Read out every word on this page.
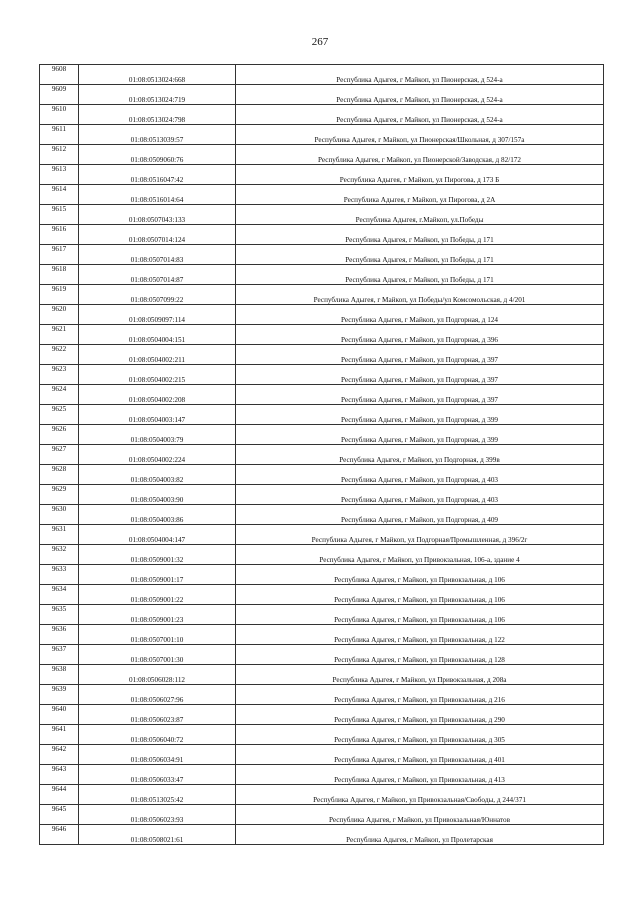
267
9608	01:08:0513024:668	Республика Адыгея, г Майкоп, ул Пионерская, д 524-а
9609	01:08:0513024:719	Республика Адыгея, г Майкоп, ул Пионерская, д 524-а
9610	01:08:0513024:798	Республика Адыгея, г Майкоп, ул Пионерская, д 524-а
9611	01:08:0513039:57	Республика Адыгея, г Майкоп, ул Пионерская/Школьная, д 307/157а
9612	01:08:0509060:76	Республика Адыгея, г Майкоп, ул Пионерской/Заводская, д 82/172
9613	01:08:0516047:42	Республика Адыгея, г Майкоп, ул Пирогова, д 173 Б
9614	01:08:0516014:64	Республика Адыгея, г Майкоп, ул Пирогова, д 2А
9615	01:08:0507043:133	Республика Адыгея, г.Майкоп, ул.Победы
9616	01:08:0507014:124	Республика Адыгея, г Майкоп, ул Победы, д 171
9617	01:08:0507014:83	Республика Адыгея, г Майкоп, ул Победы, д 171
9618	01:08:0507014:87	Республика Адыгея, г Майкоп, ул Победы, д 171
9619	01:08:0507099:22	Республика Адыгея, г Майкоп, ул Победы/ул Комсомольская, д 4/201
9620	01:08:0509097:114	Республика Адыгея, г Майкоп, ул Подгорная, д 124
9621	01:08:0504004:151	Республика Адыгея, г Майкоп, ул Подгорная, д 396
9622	01:08:0504002:211	Республика Адыгея, г Майкоп, ул Подгорная, д 397
9623	01:08:0504002:215	Республика Адыгея, г Майкоп, ул Подгорная, д 397
9624	01:08:0504002:208	Республика Адыгея, г Майкоп, ул Подгорная, д 397
9625	01:08:0504003:147	Республика Адыгея, г Майкоп, ул Подгорная, д 399
9626	01:08:0504003:79	Республика Адыгея, г Майкоп, ул Подгорная, д 399
9627	01:08:0504002:224	Республика Адыгея, г Майкоп, ул Подгорная, д 399в
9628	01:08:0504003:82	Республика Адыгея, г Майкоп, ул Подгорная, д 403
9629	01:08:0504003:90	Республика Адыгея, г Майкоп, ул Подгорная, д 403
9630	01:08:0504003:86	Республика Адыгея, г Майкоп, ул Подгорная, д 409
9631	01:08:0504004:147	Республика Адыгея, г Майкоп, ул Подгорная/Промышленная, д 396/2г
9632	01:08:0509001:32	Республика Адыгея, г Майкоп, ул Привокзальная, 106-а, здание 4
9633	01:08:0509001:17	Республика Адыгея, г Майкоп, ул Привокзальная, д 106
9634	01:08:0509001:22	Республика Адыгея, г Майкоп, ул Привокзальная, д 106
9635	01:08:0509001:23	Республика Адыгея, г Майкоп, ул Привокзальная, д 106
9636	01:08:0507001:10	Республика Адыгея, г Майкоп, ул Привокзальная, д 122
9637	01:08:0507001:30	Республика Адыгея, г Майкоп, ул Привокзальная, д 128
9638	01:08:0506028:112	Республика Адыгея, г Майкоп, ул Привокзальная, д 208а
9639	01:08:0506027:96	Республика Адыгея, г Майкоп, ул Привокзальная, д 216
9640	01:08:0506023:87	Республика Адыгея, г Майкоп, ул Привокзальная, д 290
9641	01:08:0506040:72	Республика Адыгея, г Майкоп, ул Привокзальная, д 305
9642	01:08:0506034:91	Республика Адыгея, г Майкоп, ул Привокзальная, д 401
9643	01:08:0506033:47	Республика Адыгея, г Майкоп, ул Привокзальная, д 413
9644	01:08:0513025:42	Республика Адыгея, г Майкоп, ул Привокзальная/Свободы, д 244/371
9645	01:08:0506023:93	Республика Адыгея, г Майкоп, ул Привокзальная/Юннатов
9646	01:08:0508021:61	Республика Адыгея, г Майкоп, ул Пролетарская
